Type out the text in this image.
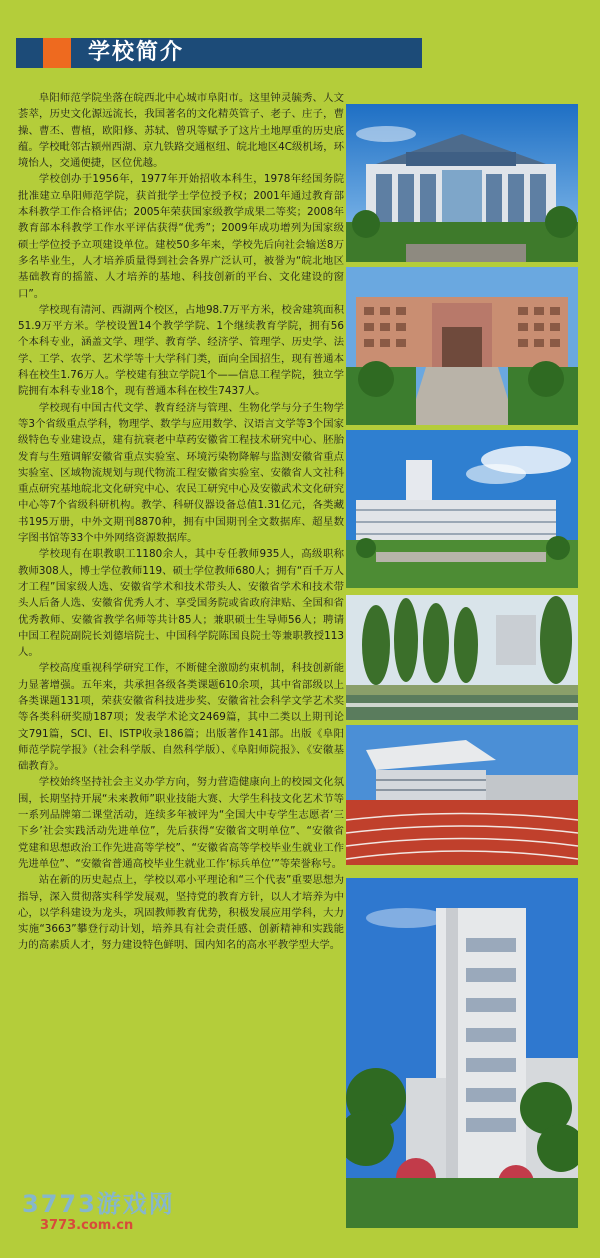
学校简介

阜阳师范学院坐落在皖西北中心城市阜阳市。这里钟灵毓秀、人文荟萃，历史文化源远流长，我国著名的文化精英管子、老子、庄子，曹操、曹丕、曹植，欧阳修、苏轼、曾巩等赋予了这片土地厚重的历史底蕴。学校毗邻古颍州西湖、京九铁路交通枢纽、皖北地区4C级机场，环境怡人，交通便捷，区位优越。

学校创办于1956年，1977年开始招收本科生，1978年经国务院批准建立阜阳师范学院，获首批学士学位授予权；2001年通过教育部本科教学工作合格评估；2005年荣获国家级教学成果二等奖；2008年教育部本科教学工作水平评估获得“优秀”；2009年成功增列为国家级硕士学位授予立项建设单位。建校50多年来，学校先后向社会输送8万多名毕业生，人才培养质量得到社会各界广泛认可，被誉为“皖北地区基础教育的摇篮、人才培养的基地、科技创新的平台、文化建设的窗口”。

学校现有清河、西湖两个校区，占地98.7万平方米，校舍建筑面积51.9万平方米。学校设置14个教学学院、1个继续教育学院，拥有56个本科专业，涵盖文学、理学、教育学、经济学、管理学、历史学、法学、工学、农学、艺术学等十大学科门类，面向全国招生，现有普通本科在校生1.76万人。学校建有独立学院1个——信息工程学院，独立学院拥有本科专业18个，现有普通本科在校生7437人。

学校现有中国古代文学、教育经济与管理、生物化学与分子生物学等3个省级重点学科，物理学、数学与应用数学、汉语言文学等3个国家级特色专业建设点，建有抗衰老中草药安徽省工程技术研究中心、胚胎发育与生殖调解安徽省重点实验室、环境污染物降解与监测安徽省重点实验室、区域物流规划与现代物流工程安徽省实验室、安徽省人文社科重点研究基地皖北文化研究中心、农民工研究中心及安徽武术文化研究中心等7个省级科研机构。教学、科研仪器设备总值1.31亿元，各类藏书195万册，中外文期刊8870种，拥有中国期刊全文数据库、超星数字图书馆等33个中外网络资源数据库。

学校现有在职教职工1180余人，其中专任教师935人，高级职称教师308人，博士学位教师119、硕士学位教师680人；拥有“百千万人才工程”国家级人选、安徽省学术和技术带头人、安徽省学术和技术带头人后备人选、安徽省优秀人才、享受国务院或省政府津贴、全国和省优秀教师、安徽省教学名师等共计85人；兼职硕士生导师56人；聘请中国工程院副院长刘德培院士、中国科学院陈国良院士等兼职教授113人。

学校高度重视科学研究工作，不断健全激励约束机制，科技创新能力显著增强。五年来，共承担各级各类课题610余项，其中省部级以上各类课题131项，荣获安徽省科技进步奖、安徽省社会科学文学艺术奖等各类科研奖励187项；发表学术论文2469篇，其中二类以上期刊论文791篇，SCI、EI、ISTP收录186篇；出版著作141部。出版《阜阳师范学院学报》（社会科学版、自然科学版）、《阜阳师院报》、《安徽基础教育》。

学校始终坚持社会主义办学方向，努力营造健康向上的校园文化氛围，长期坚持开展“未来教师”职业技能大赛、大学生科技文化艺术节等一系列品牌第二课堂活动，连续多年被评为“全国大中专学生志愿者‘三下乡’社会实践活动先进单位”，先后获得“安徽省文明单位”、“安徽省党建和思想政治工作先进高等学校”、“安徽省高等学校毕业生就业工作先进单位”、“安徽省普通高校毕业生就业工作‘标兵单位’”等荣誉称号。

站在新的历史起点上，学校以邓小平理论和“三个代表”重要思想为指导，深入贯彻落实科学发展观，坚持党的教育方针，以人才培养为中心，以学科建设为龙头，巩固教师教育优势，积极发展应用学科，大力实施“3663”攀登行动计划，培养具有社会责任感、创新精神和实践能力的高素质人才，努力建设特色鲜明、国内知名的高水平教学型大学。

3773游戏网
3773.com.cn
